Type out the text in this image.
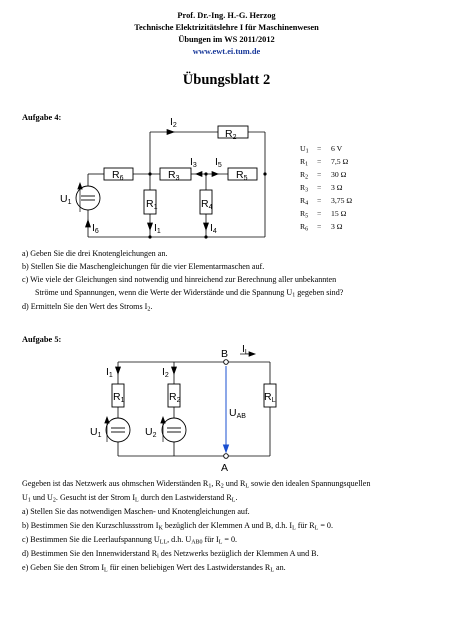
Prof. Dr.-Ing. H.-G. Herzog
Technische Elektrizitätslehre I für Maschinenwesen
Übungen im WS 2011/2012
www.ewt.ei.tum.de
Übungsblatt 2
Aufgabe 4:	I2
R2
I3 I5
R6	R3	R5
R1	R4
U1
I1	I4
I6
$U_1$	=	6 V
$R_1$	=	7,5 Ω
$R_2$	=	30 Ω
$R_3$	=	3 Ω
$R_4$	=	3,75 Ω
$R_5$	=	15 Ω
$R_6$	=	3 Ω
a) Geben Sie die drei Knotengleichungen an.
b) Stellen Sie die Maschengleichungen für die vier Elementarmaschen auf.
c) Wie viele der Gleichungen sind notwendig und hinreichend zur Berechnung aller unbekannten
Ströme und Spannungen, wenn die Werte der Widerstände und die Spannung $U_1$ gegeben sind?
d) Ermitteln Sie den Wert des Stroms $I_2$.
Aufgabe 5:
B
A
IL
I1	I2
R1	R2	RL
UAB
U1	U2
Gegeben ist das Netzwerk aus ohmschen Widerständen $R_1$, $R_2$ und $R_L$ sowie den idealen Spannungsquellen
$U_1$ und $U_2$. Gesucht ist der Strom $I_L$ durch den Lastwiderstand $R_L$.
a) Stellen Sie das notwendigen Maschen- und Knotengleichungen auf.
b) Bestimmen Sie den Kurzschlussstrom $I_K$ bezüglich der Klemmen A und B, d.h. $I_L$ für $R_L = 0$.
c) Bestimmen Sie die Leerlaufspannung $U_{LL}$, d.h. $U_{AB0}$ für $I_L = 0$.
d) Bestimmen Sie den Innenwiderstand $R_i$ des Netzwerks bezüglich der Klemmen A und B.
e) Geben Sie den Strom $I_L$ für einen beliebigen Wert des Lastwiderstandes $R_L$ an.
